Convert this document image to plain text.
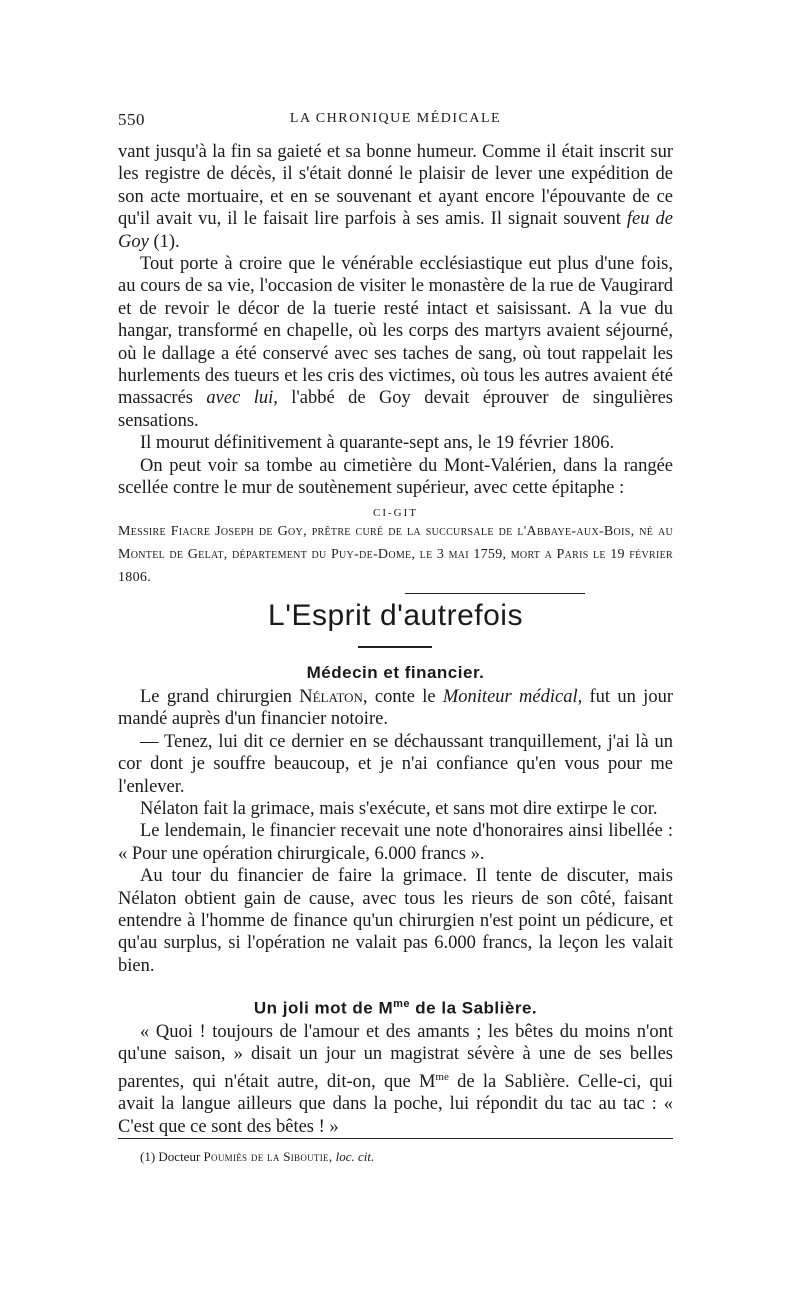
550	LA CHRONIQUE MÉDICALE

vant jusqu'à la fin sa gaieté et sa bonne humeur. Comme il était inscrit sur les registre de décès, il s'était donné le plaisir de lever une expédition de son acte mortuaire, et en se souvenant et ayant encore l'épouvante de ce qu'il avait vu, il le faisait lire parfois à ses amis. Il signait souvent feu de Goy (1).

Tout porte à croire que le vénérable ecclésiastique eut plus d'une fois, au cours de sa vie, l'occasion de visiter le monastère de la rue de Vaugirard et de revoir le décor de la tuerie resté intact et saisissant. A la vue du hangar, transformé en chapelle, où les corps des martyrs avaient séjourné, où le dallage a été conservé avec ses taches de sang, où tout rappelait les hurlements des tueurs et les cris des victimes, où tous les autres avaient été massacrés avec lui, l'abbé de Goy devait éprouver de singulières sensations.

Il mourut définitivement à quarante-sept ans, le 19 février 1806.

On peut voir sa tombe au cimetière du Mont-Valérien, dans la rangée scellée contre le mur de soutènement supérieur, avec cette épitaphe :

CI-GIT

Messire Fiacre Joseph de Goy, prêtre curé de la succursale de l'Abbaye-aux-Bois, né au Montel de Gelat, département du Puy-de-Dome, le 3 mai 1759, mort a Paris le 19 février 1806.

L'Esprit d'autrefois
Médecin et financier.

Le grand chirurgien Nélaton, conte le Moniteur médical, fut un jour mandé auprès d'un financier notoire.

— Tenez, lui dit ce dernier en se déchaussant tranquillement, j'ai là un cor dont je souffre beaucoup, et je n'ai confiance qu'en vous pour me l'enlever.

Nélaton fait la grimace, mais s'exécute, et sans mot dire extirpe le cor.

Le lendemain, le financier recevait une note d'honoraires ainsi libellée : « Pour une opération chirurgicale, 6.000 francs ».

Au tour du financier de faire la grimace. Il tente de discuter, mais Nélaton obtient gain de cause, avec tous les rieurs de son côté, faisant entendre à l'homme de finance qu'un chirurgien n'est point un pédicure, et qu'au surplus, si l'opération ne valait pas 6.000 francs, la leçon les valait bien.

Un joli mot de $M^{me}$ de la Sablière.

« Quoi ! toujours de l'amour et des amants ; les bêtes du moins n'ont qu'une saison, » disait un jour un magistrat sévère à une de ses belles parentes, qui n'était autre, dit-on, que $M^{me}$ de la Sablière. Celle-ci, qui avait la langue ailleurs que dans la poche, lui répondit du tac au tac : « C'est que ce sont des bêtes ! »

(1) Docteur Poumiès de la Siboutie, loc. cit.
